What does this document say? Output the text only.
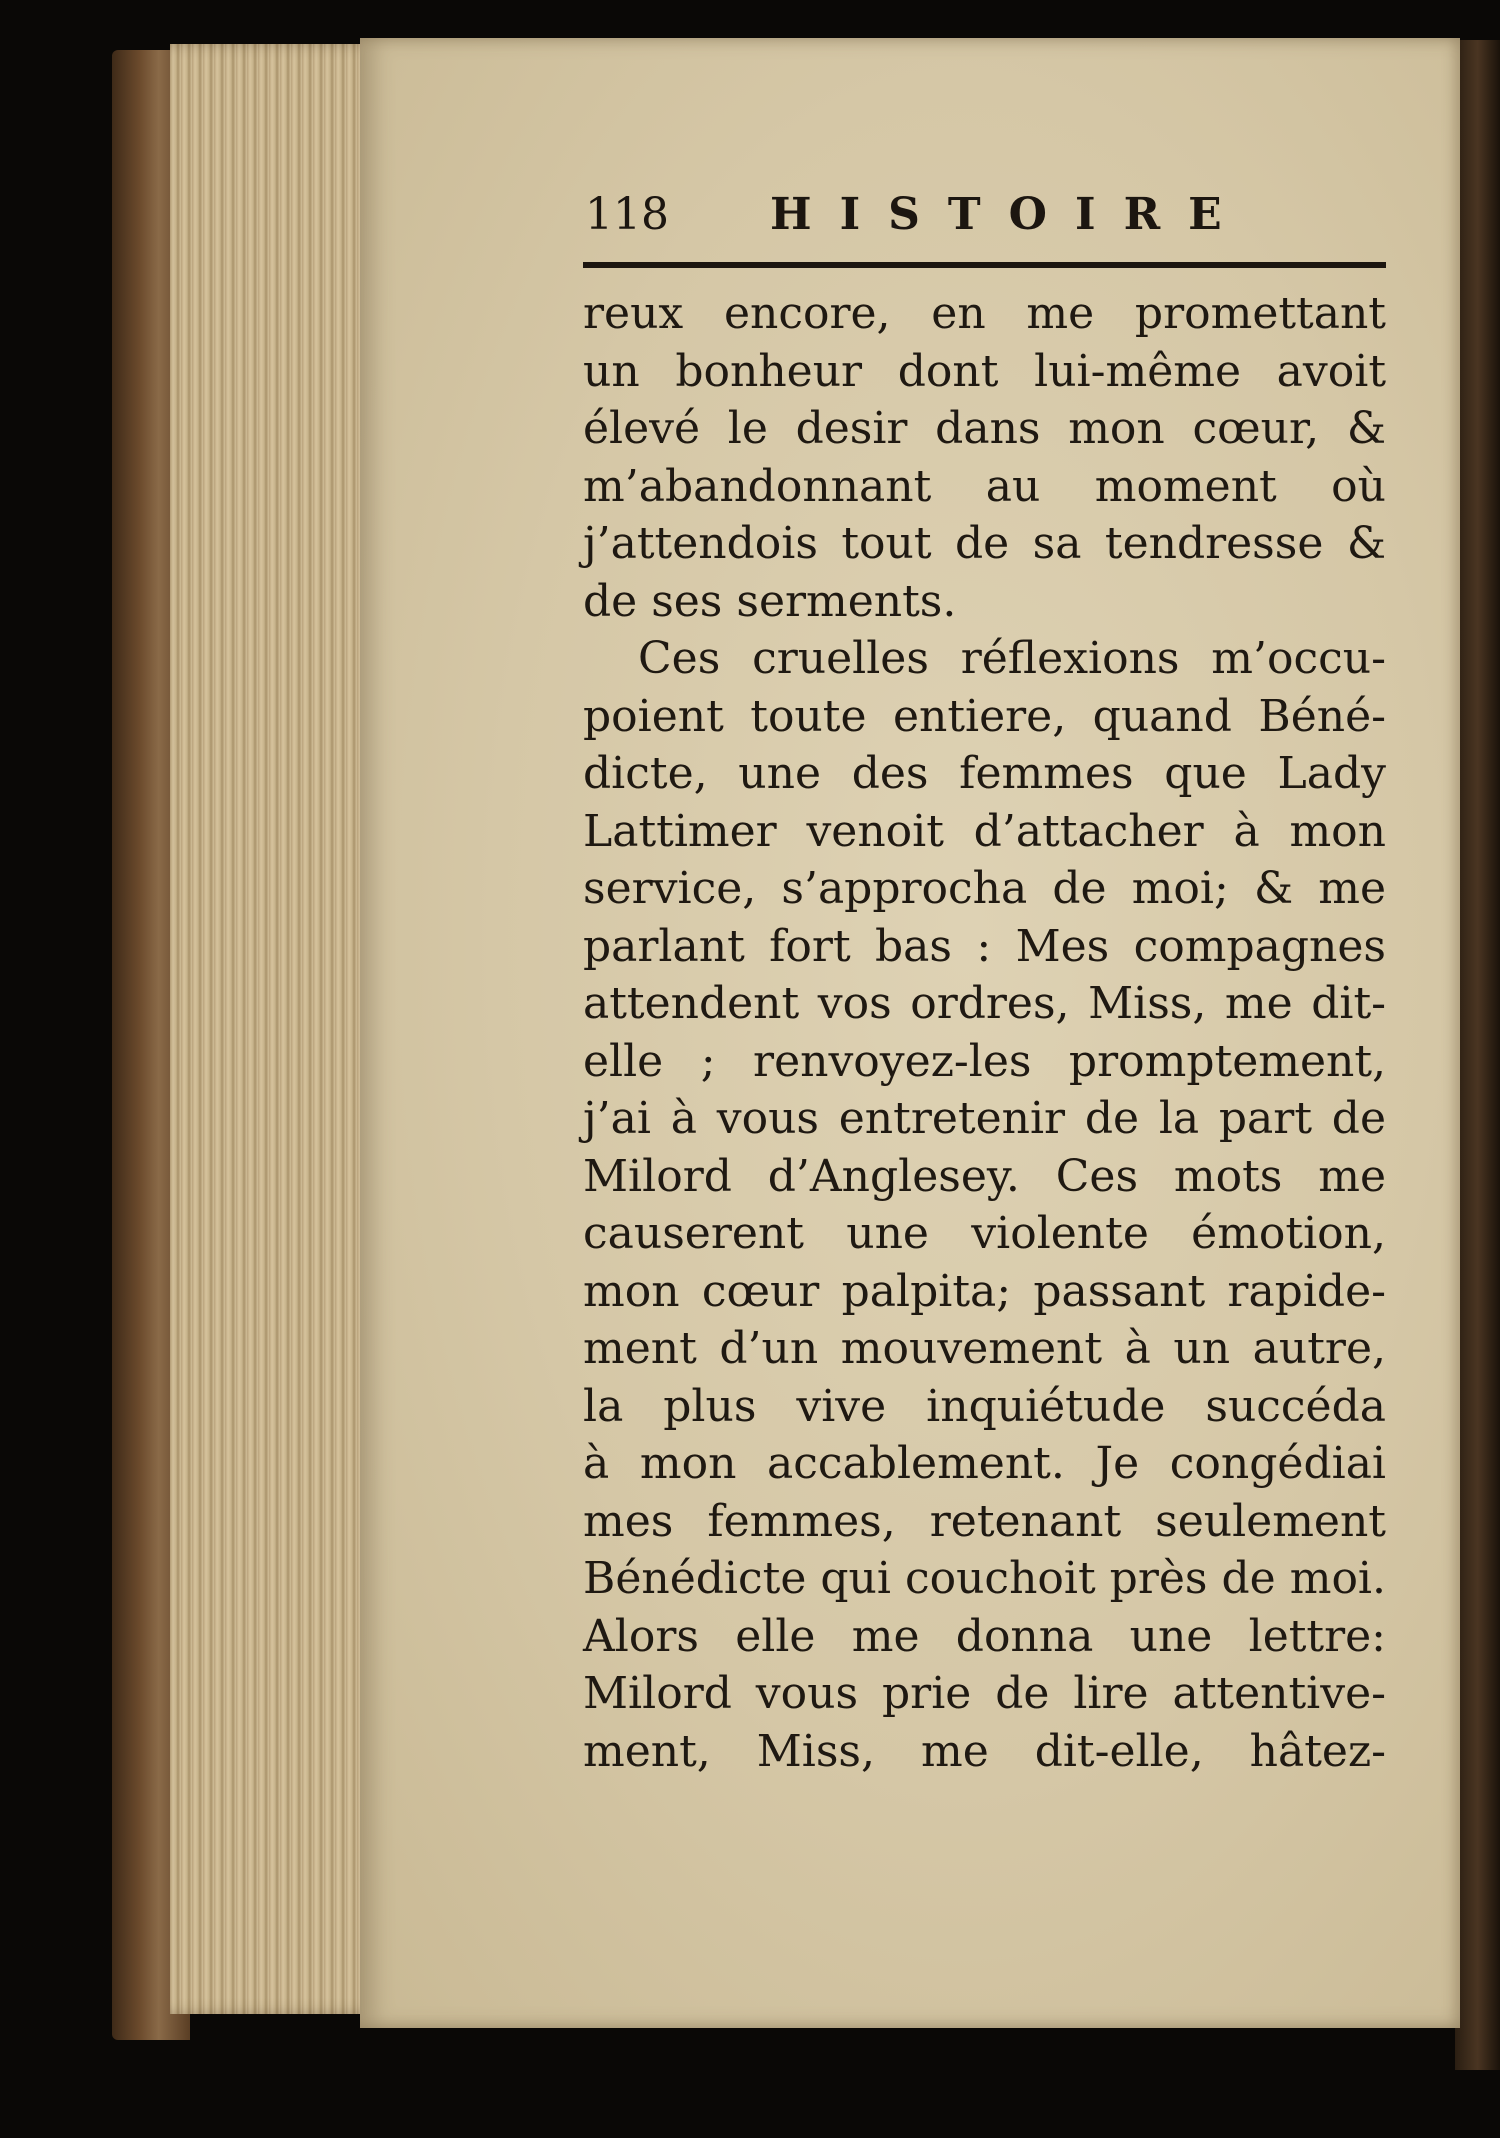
118 HISTOIRE
reux encore, en me promettant
un bonheur dont lui-même avoit
élevé le desir dans mon cœur, &
m’abandonnant au moment où
j’attendois tout de sa tendresse &
de ses serments.
Ces cruelles réflexions m’occu-
poient toute entiere, quand Béné-
dicte, une des femmes que Lady
Lattimer venoit d’attacher à mon
service, s’approcha de moi; & me
parlant fort bas : Mes compagnes
attendent vos ordres, Miss, me dit-
elle ; renvoyez-les promptement,
j’ai à vous entretenir de la part de
Milord d’Anglesey. Ces mots me
causerent une violente émotion,
mon cœur palpita; passant rapide-
ment d’un mouvement à un autre,
la plus vive inquiétude succéda
à mon accablement. Je congédiai
mes femmes, retenant seulement
Bénédicte qui couchoit près de moi.
Alors elle me donna une lettre:
Milord vous prie de lire attentive-
ment, Miss, me dit-elle, hâtez-
